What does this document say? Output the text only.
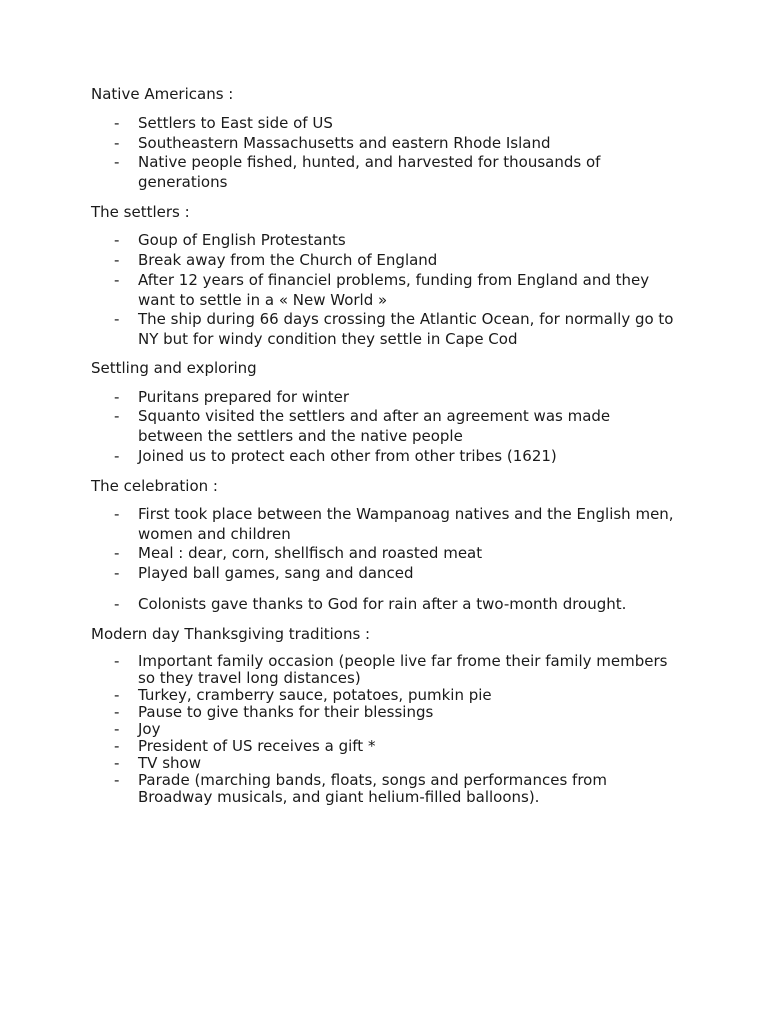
Native Americans :
- Settlers to East side of US
- Southeastern Massachusetts and eastern Rhode Island
- Native people fished, hunted, and harvested for thousands of generations
The settlers :
- Goup of English Protestants
- Break away from the Church of England
- After 12 years of financiel problems, funding from England and they want to settle in a « New World »
- The ship during 66 days crossing the Atlantic Ocean, for normally go to NY but for windy condition they settle in Cape Cod
Settling and exploring
- Puritans prepared for winter
- Squanto visited the settlers and after an agreement was made between the settlers and the native people
- Joined us to protect each other from other tribes (1621)
The celebration :
- First took place between the Wampanoag natives and the English men, women and children
- Meal : dear, corn, shellfisch and roasted meat
- Played ball games, sang and danced
- Colonists gave thanks to God for rain after a two-month drought.
Modern day Thanksgiving traditions :
- Important family occasion (people live far frome their family members so they travel long distances)
- Turkey, cramberry sauce, potatoes, pumkin pie
- Pause to give thanks for their blessings
- Joy
- President of US receives a gift *
- TV show
- Parade (marching bands, floats, songs and performances from Broadway musicals, and giant helium-filled balloons).
